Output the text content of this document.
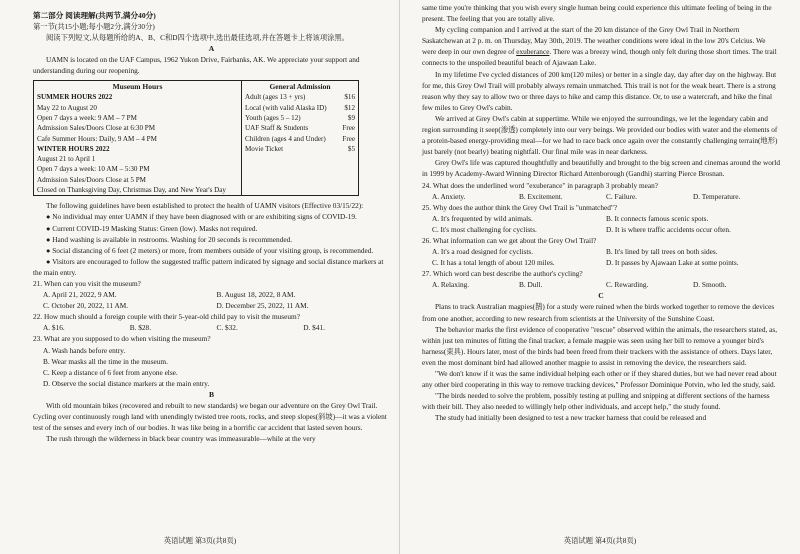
第二部分 阅读理解(共两节,满分40分)
第一节(共15小题;每小题2分,满分30分)
阅读下列短文,从每题所给的A、B、C和D四个选项中,选出最佳选项,并在答题卡上将该项涂黑。
A
UAMN is located on the UAF Campus, 1962 Yukon Drive, Fairbanks, AK. We appreciate your support and understanding during our reopening.
Museum Hours
SUMMER HOURS 2022
May 22 to August 20
Open 7 days a week: 9 AM – 7 PM
Admission Sales/Doors Close at 6:30 PM
Cafe Summer Hours: Daily, 9 AM – 4 PM
WINTER HOURS 2022
August 21 to April 1
Open 7 days a week: 10 AM – 5:30 PM
Admission Sales/Doors Close at 5 PM
Closed on Thanksgiving Day, Christmas Day, and New Year's Day
General Admission
Adult (ages 13 + yrs)	$16
Local (with valid Alaska ID)	$12
Youth (ages 5 – 12)	$9
UAF Staff & Students	Free
Children (ages 4 and Under) Free
Movie Ticket	$5
The following guidelines have been established to protect the health of UAMN visitors (Effective 03/15/22):
● No individual may enter UAMN if they have been diagnosed with or are exhibiting signs of COVID-19.
● Current COVID-19 Masking Status: Green (low). Masks not required.
● Hand washing is available in restrooms. Washing for 20 seconds is recommended.
● Social distancing of 6 feet (2 meters) or more, from members outside of your visiting group, is recommended.
● Visitors are encouraged to follow the suggested traffic pattern indicated by signage and social distance markers at the main entry.
21. When can you visit the museum?
A. April 21, 2022, 9 AM.	B. August 18, 2022, 8 AM.
C. October 20, 2022, 11 AM.	D. December 25, 2022, 11 AM.
22. How much should a foreign couple with their 5-year-old child pay to visit the museum?
A. $16.	B. $28.	C. $32.	D. $41.
23. What are you supposed to do when visiting the museum?
A. Wash hands before entry.
B. Wear masks all the time in the museum.
C. Keep a distance of 6 feet from anyone else.
D. Observe the social distance markers at the main entry.
B
With old mountain bikes (recovered and rebuilt to new standards) we began our adventure on the Grey Owl Trail. Cycling over continuously rough land with unendingly twisted tree roots, rocks, and steep slopes(斜坡)—it was a violent test of the senses and every inch of our bodies. It was like being in a horrific car accident that lasted seven hours.
The rush through the wilderness in black bear country was immeasurable—while at the very
英语试题 第3页(共8页)
same time you're thinking that you wish every single human being could experience this ultimate feeling of being in the present. The feeling that you are totally alive.
My cycling companion and I arrived at the start of the 20 km distance of the Grey Owl Trail in Northern Saskatchewan at 2 p. m. on Thursday, May 30th, 2019. The weather conditions were ideal in the low 20's Celcius. We were deep in our own degree of exuberance. There was a breezy wind, though only felt during those short times. The trail connects to the unspoiled beautiful beach of Ajawaan Lake.
In my lifetime I've cycled distances of 200 km(120 miles) or better in a single day, day after day on the highway. But for me, this Grey Owl Trail will probably always remain unmatched. This trail is not for the weak heart. There is a strong reason why they say to allow two or three days to hike and camp this distance. Or, to use a watercraft, and hike the final few miles to Grey Owl's cabin.
We arrived at Grey Owl's cabin at suppertime. While we enjoyed the surroundings, we let the legendary cabin and region surrounding it seep(渗透) completely into our very beings. We provided our bodies with water and the elements of a protein-based energy-providing meal—for we had to race back once again over the constantly challenging terrain(地形) just barely (not bearly) beating nightfall. Our final mile was in near darkness.
Grey Owl's life was captured thoughtfully and beautifully and brought to the big screen and cinemas around the world in 1999 by Academy-Award Winning Director Richard Attenborough (Gandhi) starring Pierce Brosnan.
24. What does the underlined word "exuberance" in paragraph 3 probably mean?
A. Anxiety.	B. Excitement.	C. Failure.	D. Temperature.
25. Why does the author think the Grey Owl Trail is "unmatched"?
A. It's frequented by wild animals.	B. It connects famous scenic spots.
C. It's most challenging for cyclists.	D. It is where traffic accidents occur often.
26. What information can we get about the Grey Owl Trail?
A. It's a road designed for cyclists.	B. It's lined by tall trees on both sides.
C. It has a total length of about 120 miles.	D. It passes by Ajawaan Lake at some points.
27. Which word can best describe the author's cycling?
A. Relaxing.	B. Dull.	C. Rewarding.	D. Smooth.
C
Plans to track Australian magpies(鹊) for a study were ruined when the birds worked together to remove the devices from one another, according to new research from scientists at the University of the Sunshine Coast.
The behavior marks the first evidence of cooperative "rescue" observed within the animals, the researchers stated, as, within just ten minutes of fitting the final tracker, a female magpie was seen using her bill to remove a younger bird's harness(束具). Hours later, most of the birds had been freed from their trackers with the assistance of others. Days later, even the most dominant bird had allowed another magpie to assist in removing the device, the researchers said.
"We don't know if it was the same individual helping each other or if they shared duties, but we had never read about any other bird cooperating in this way to remove tracking devices," Professor Dominique Potvin, who led the study, said.
"The birds needed to solve the problem, possibly testing at pulling and snipping at different sections of the harness with their bill. They also needed to willingly help other individuals, and accept help," the study found.
The study had initially been designed to test a new tracker harness that could be released and
英语试题 第4页(共8页)
